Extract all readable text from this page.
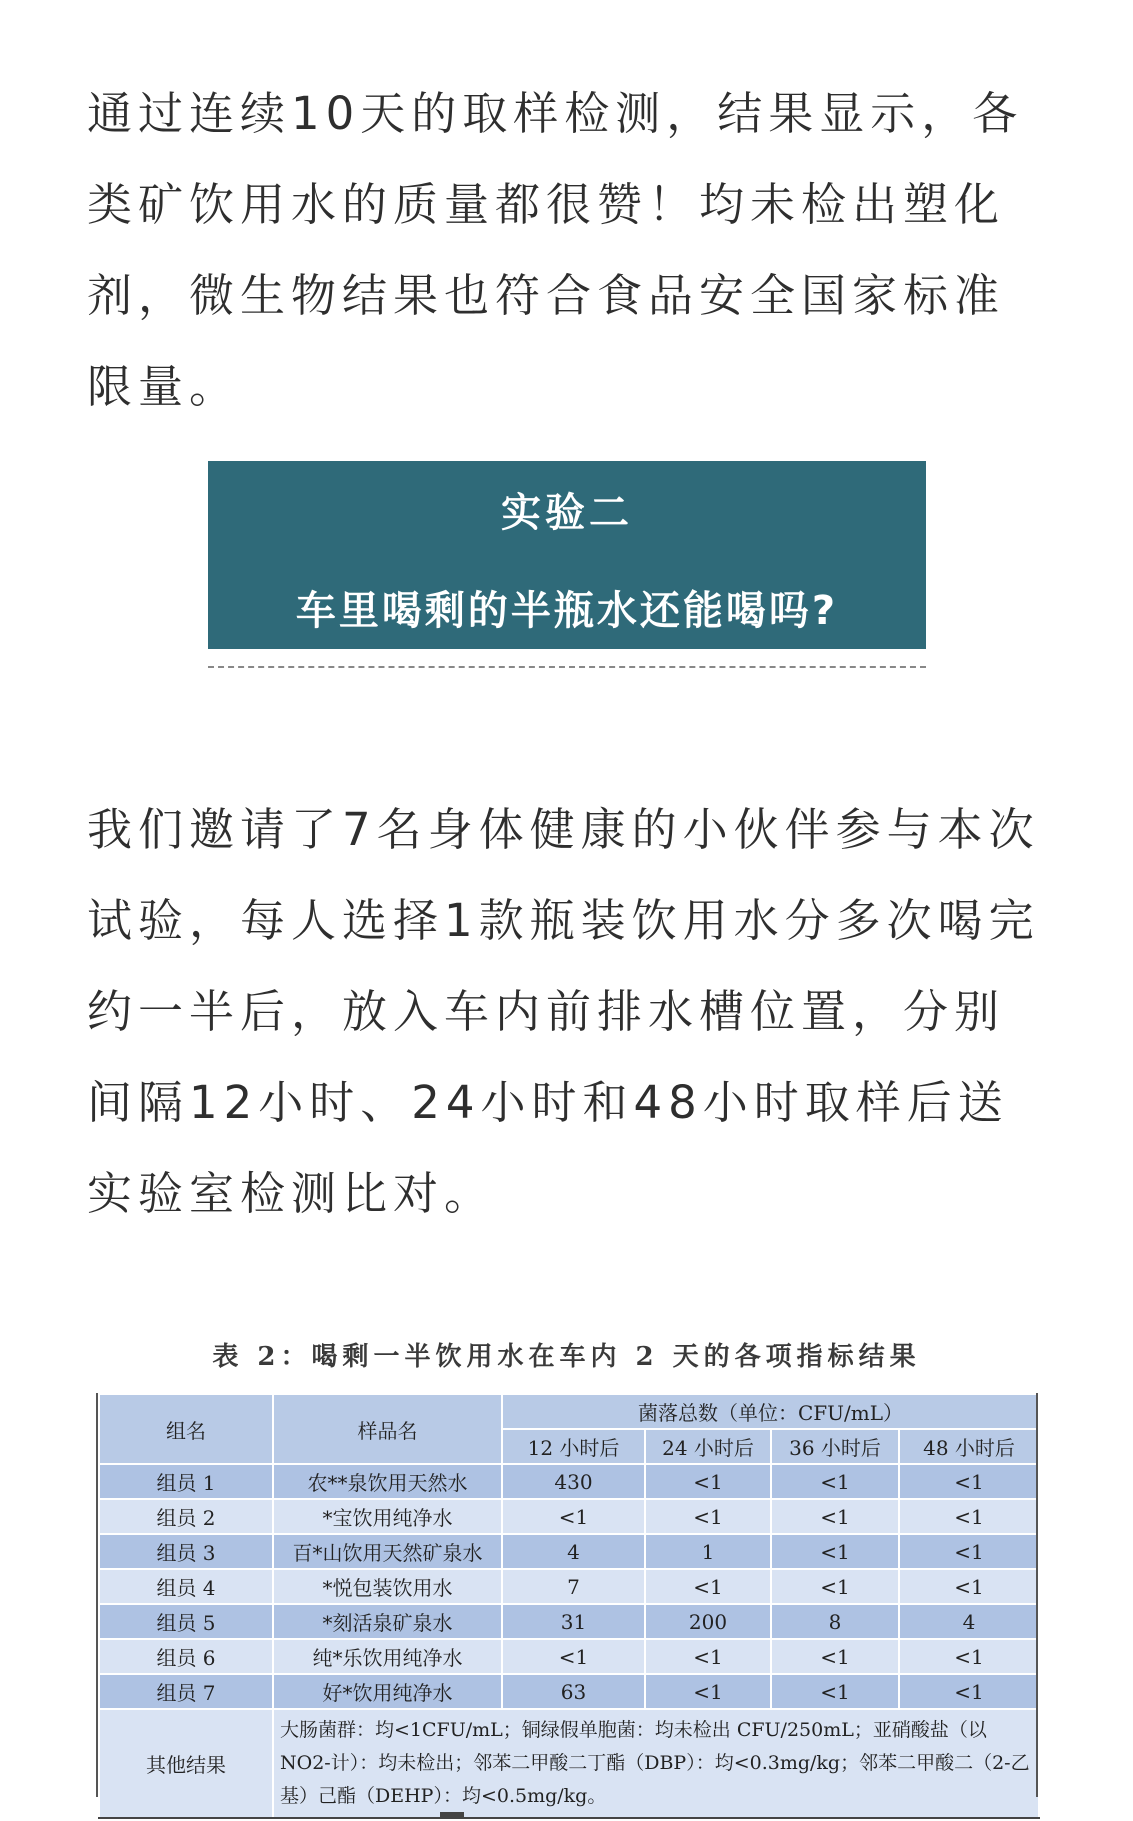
通过连续10天的取样检测，结果显示，各类矿饮用水的质量都很赞！均未检出塑化剂，微生物结果也符合食品安全国家标准限量。

实验二
车里喝剩的半瓶水还能喝吗?

我们邀请了7名身体健康的小伙伴参与本次试验，每人选择1款瓶装饮用水分多次喝完约一半后，放入车内前排水槽位置，分别间隔12小时、24小时和48小时取样后送实验室检测比对。

表 2：喝剩一半饮用水在车内 2 天的各项指标结果
组名	样品名	菌落总数（单位：CFU/mL）			
		12 小时后	24 小时后	36 小时后	48 小时后
组员 1	农**泉饮用天然水	430	<1	<1	<1
组员 2	*宝饮用纯净水	<1	<1	<1	<1
组员 3	百*山饮用天然矿泉水	4	1	<1	<1
组员 4	*悦包装饮用水	7	<1	<1	<1
组员 5	*刻活泉矿泉水	31	200	8	4
组员 6	纯*乐饮用纯净水	<1	<1	<1	<1
组员 7	好*饮用纯净水	63	<1	<1	<1
其他结果	大肠菌群：均<1CFU/mL；铜绿假单胞菌：均未检出 CFU/250mL；亚硝酸盐（以 NO2-计）：均未检出；邻苯二甲酸二丁酯（DBP）：均<0.3mg/kg；邻苯二甲酸二（2-乙基）己酯（DEHP）：均<0.5mg/kg。				
